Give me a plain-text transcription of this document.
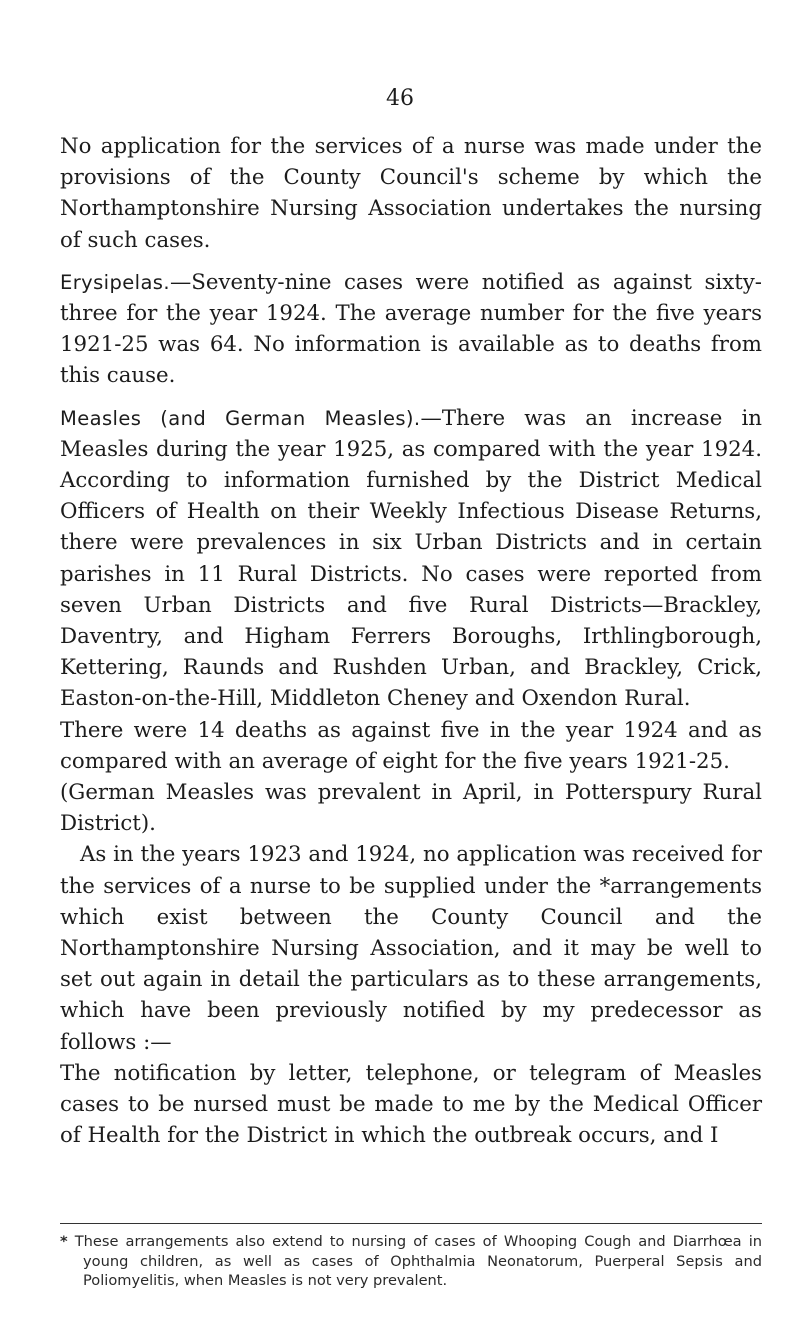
46

No application for the services of a nurse was made under the provisions of the County Council's scheme by which the Northamptonshire Nursing Association undertakes the nursing of such cases.

Erysipelas.—Seventy-nine cases were notified as against sixty-three for the year 1924. The average number for the five years 1921-25 was 64. No information is available as to deaths from this cause.

Measles (and German Measles).—There was an increase in Measles during the year 1925, as compared with the year 1924. According to information furnished by the District Medical Officers of Health on their Weekly Infectious Disease Returns, there were prevalences in six Urban Districts and in certain parishes in 11 Rural Districts. No cases were reported from seven Urban Districts and five Rural Districts—Brackley, Daventry, and Higham Ferrers Boroughs, Irthlingborough, Kettering, Raunds and Rushden Urban, and Brackley, Crick, Easton-on-the-Hill, Middleton Cheney and Oxendon Rural.

There were 14 deaths as against five in the year 1924 and as compared with an average of eight for the five years 1921-25.

(German Measles was prevalent in April, in Potterspury Rural District).

As in the years 1923 and 1924, no application was received for the services of a nurse to be supplied under the *arrangements which exist between the County Council and the Northamptonshire Nursing Association, and it may be well to set out again in detail the particulars as to these arrangements, which have been previously notified by my predecessor as follows :—

The notification by letter, telephone, or telegram of Measles cases to be nursed must be made to me by the Medical Officer of Health for the District in which the outbreak occurs, and I

* These arrangements also extend to nursing of cases of Whooping Cough and Diarrhœa in young children, as well as cases of Ophthalmia Neonatorum, Puerperal Sepsis and Poliomyelitis, when Measles is not very prevalent.
